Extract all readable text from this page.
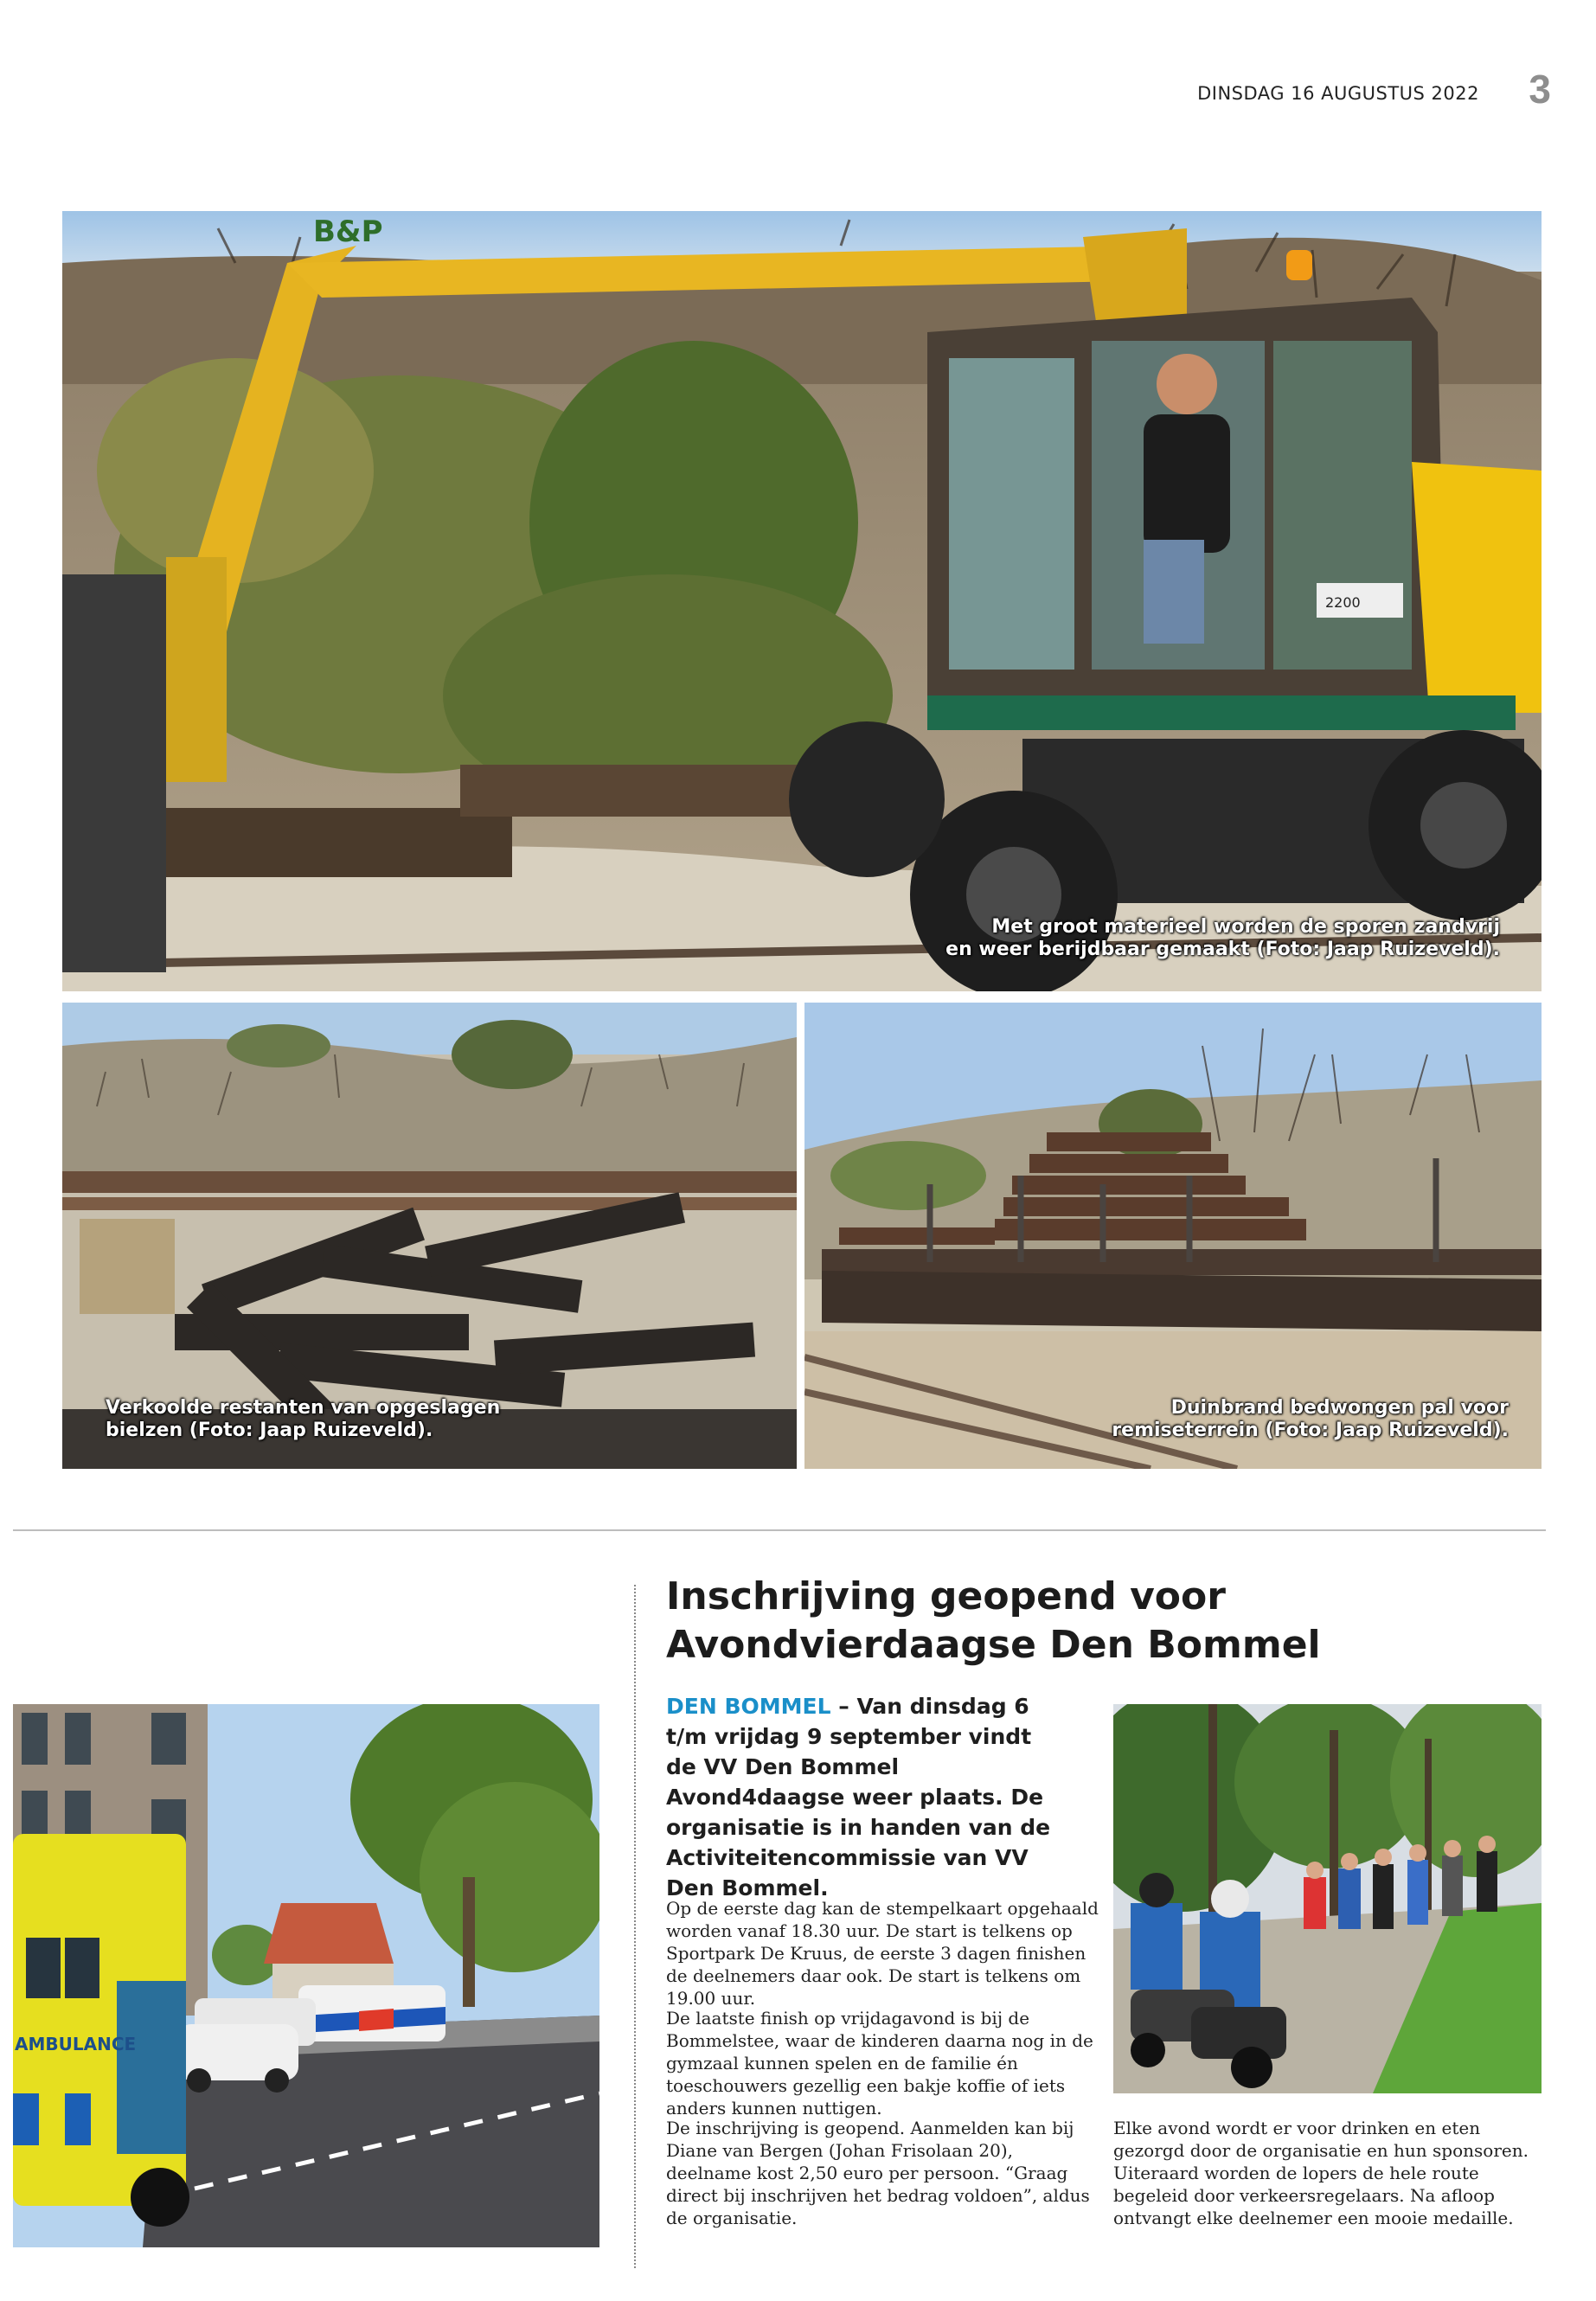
DINSDAG 16 AUGUSTUS 2022 3
B&P
2200
Met groot materieel worden de sporen zandvrij
en weer berijdbaar gemaakt (Foto: Jaap Ruizeveld).
Verkoolde restanten van opgeslagen
bielzen (Foto: Jaap Ruizeveld).
Duinbrand bedwongen pal voor
remiseterrein (Foto: Jaap Ruizeveld).
AMBULANCE
Inschrijving geopend voor
Avondvierdaagse Den Bommel

DEN BOMMEL – Van dinsdag 6 t/m vrijdag 9 september vindt de VV Den Bommel Avond4daagse weer plaats. De organisatie is in handen van de Activiteitencommissie van VV Den Bommel.

Op de eerste dag kan de stempelkaart opgehaald worden vanaf 18.30 uur. De start is telkens op Sportpark De Kruus, de eerste 3 dagen finishen de deelnemers daar ook. De start is telkens om 19.00 uur.

De laatste finish op vrijdagavond is bij de Bommelstee, waar de kinderen daarna nog in de gymzaal kunnen spelen en de familie én toeschouwers gezellig een bakje koffie of iets anders kunnen nuttigen.

De inschrijving is geopend. Aanmelden kan bij Diane van Bergen (Johan Frisolaan 20), deelname kost 2,50 euro per persoon. “Graag direct bij inschrijven het bedrag voldoen”, aldus de organisatie.

Elke avond wordt er voor drinken en eten gezorgd door de organisatie en hun sponsoren. Uiteraard worden de lopers de hele route begeleid door verkeersregelaars. Na afloop ontvangt elke deelnemer een mooie medaille.
